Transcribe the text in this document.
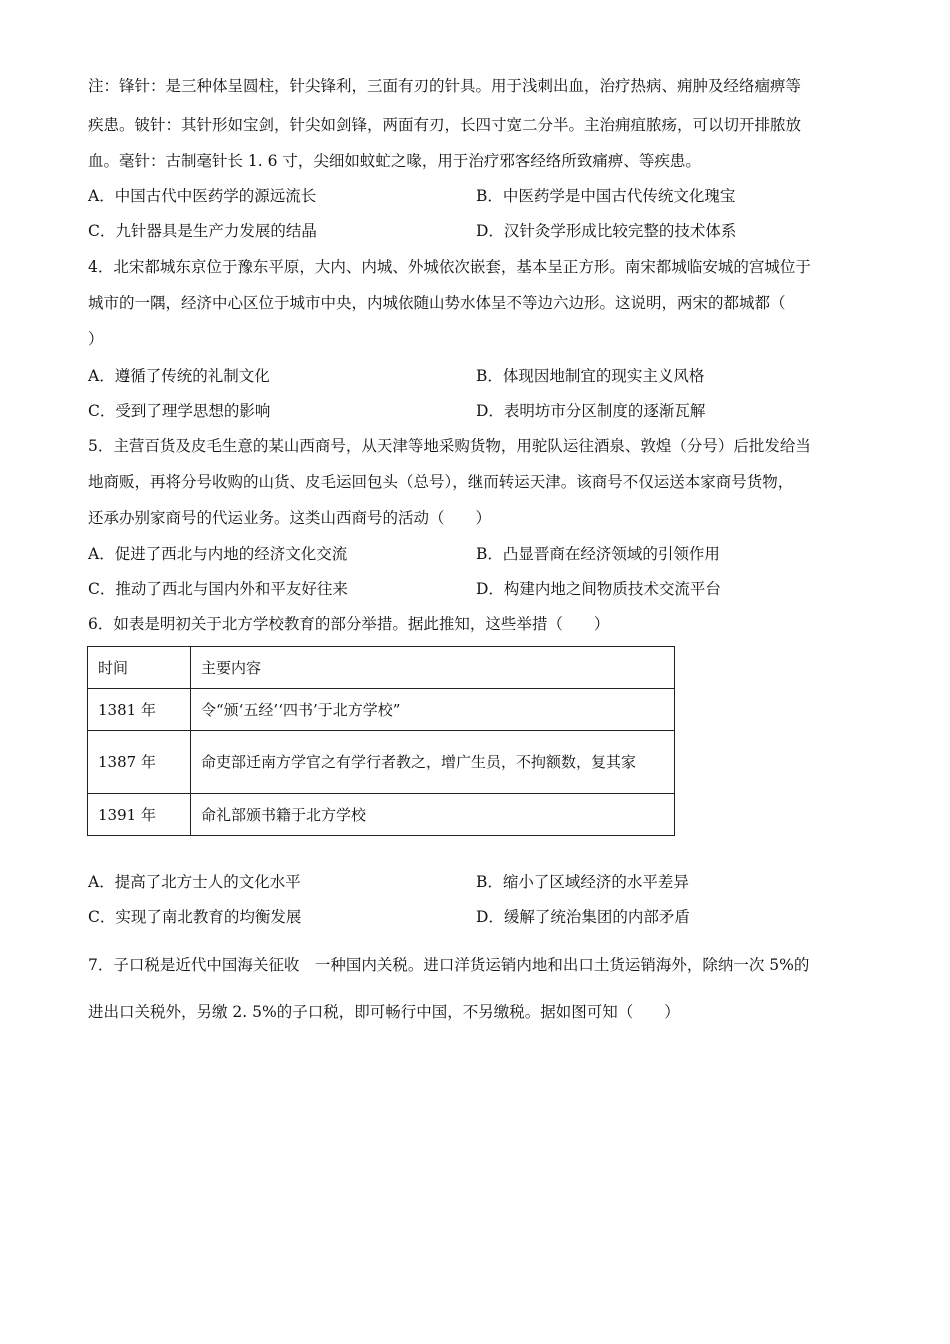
注：锋针：是三种体呈圆柱，针尖锋利，三面有刃的针具。用于浅刺出血，治疗热病、痈肿及经络痼痹等
疾患。铍针：其针形如宝剑，针尖如剑锋，两面有刃，长四寸宽二分半。主治痈疽脓疡，可以切开排脓放
血。毫针：古制毫针长 1. 6 寸，尖细如蚊虻之喙，用于治疗邪客经络所致痛痹、等疾患。
A．中国古代中医药学的源远流长	B．中医药学是中国古代传统文化瑰宝
C．九针器具是生产力发展的结晶	D．汉针灸学形成比较完整的技术体系
4．北宋都城东京位于豫东平原，大内、内城、外城依次嵌套，基本呈正方形。南宋都城临安城的宫城位于
城市的一隅，经济中心区位于城市中央，内城依随山势水体呈不等边六边形。这说明，两宋的都城都（
）
A．遵循了传统的礼制文化	B．体现因地制宜的现实主义风格
C．受到了理学思想的影响	D．表明坊市分区制度的逐渐瓦解
5．主营百货及皮毛生意的某山西商号，从天津等地采购货物，用驼队运往酒泉、敦煌（分号）后批发给当
地商贩，再将分号收购的山货、皮毛运回包头（总号），继而转运天津。该商号不仅运送本家商号货物，
还承办别家商号的代运业务。这类山西商号的活动（　　）
A．促进了西北与内地的经济文化交流	B．凸显晋商在经济领域的引领作用
C．推动了西北与国内外和平友好往来	D．构建内地之间物质技术交流平台
6．如表是明初关于北方学校教育的部分举措。据此推知，这些举措（　　）
时间	主要内容
1381 年	令“颁‘五经’‘四书’于北方学校”
1387 年	命吏部迁南方学官之有学行者教之，增广生员，不拘额数，复其家
1391 年	命礼部颁书籍于北方学校
A．提高了北方士人的文化水平	B．缩小了区域经济的水平差异
C．实现了南北教育的均衡发展	D．缓解了统治集团的内部矛盾
7．子口税是近代中国海关征收　一种国内关税。进口洋货运销内地和出口土货运销海外，除纳一次 5%的
进出口关税外，另缴 2. 5%的子口税，即可畅行中国，不另缴税。据如图可知（　　）
